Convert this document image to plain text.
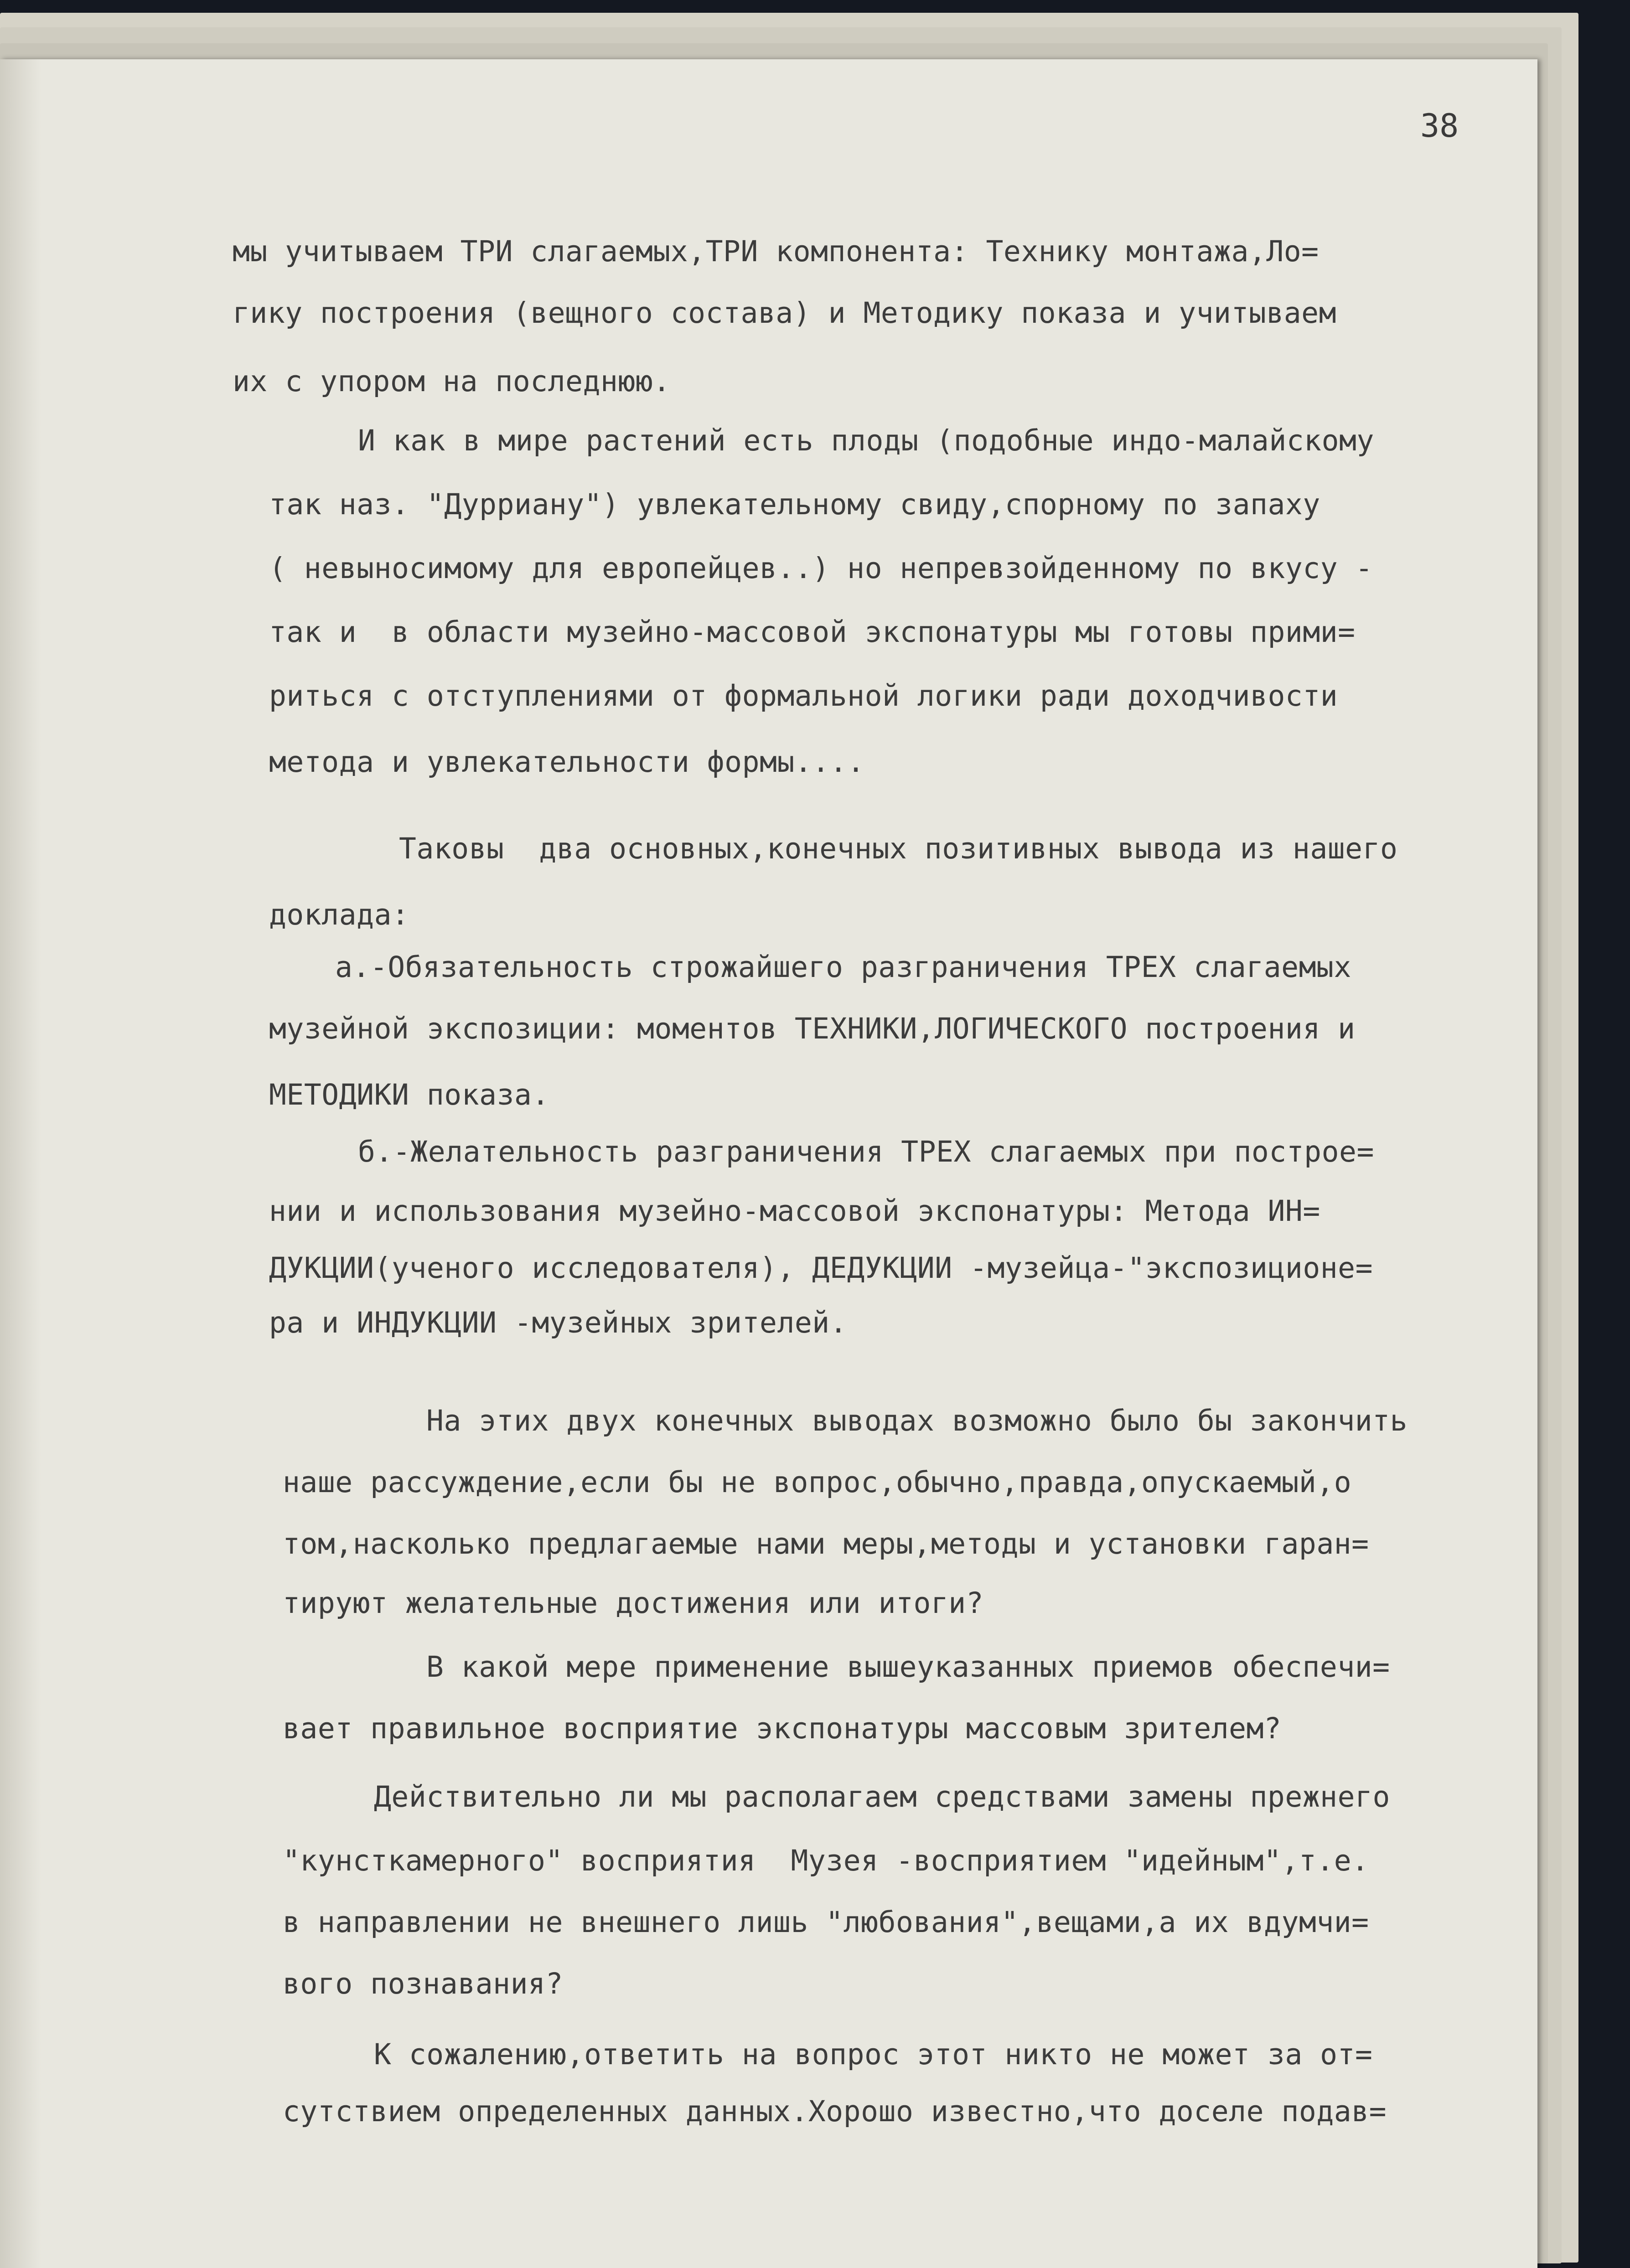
38
мы учитываем ТРИ слагаемых,ТРИ компонента: Технику монтажа,Ло=
гику построения (вещного состава) и Методику показа и учитываем
их с упором на последнюю.
И как в мире растений есть плоды (подобные индо-малайскому
так наз. "Дурриану") увлекательному свиду,спорному по запаху
( невыносимому для европейцев..) но непревзойденному по вкусу -
так и  в области музейно-массовой экспонатуры мы готовы прими=
риться с отступлениями от формальной логики ради доходчивости
метода и увлекательности формы....
Таковы  два основных,конечных позитивных вывода из нашего
доклада:
а.-Обязательность строжайшего разграничения ТРЕХ слагаемых
музейной экспозиции: моментов ТЕХНИКИ,ЛОГИЧЕСКОГО построения и
МЕТОДИКИ показа.
б.-Желательность разграничения ТРЕХ слагаемых при построе=
нии и использования музейно-массовой экспонатуры: Метода ИН=
ДУКЦИИ(ученого исследователя), ДЕДУКЦИИ -музейца-"экспозиционе=
ра и ИНДУКЦИИ -музейных зрителей.
На этих двух конечных выводах возможно было бы закончить
наше рассуждение,если бы не вопрос,обычно,правда,опускаемый,о
том,насколько предлагаемые нами меры,методы и установки гаран=
тируют желательные достижения или итоги?
В какой мере применение вышеуказанных приемов обеспечи=
вает правильное восприятие экспонатуры массовым зрителем?
Действительно ли мы располагаем средствами замены прежнего
"кунсткамерного" восприятия  Музея -восприятием "идейным",т.е.
в направлении не внешнего лишь "любования",вещами,а их вдумчи=
вого познавания?
К сожалению,ответить на вопрос этот никто не может за от=
сутствием определенных данных.Хорошо известно,что доселе подав=
